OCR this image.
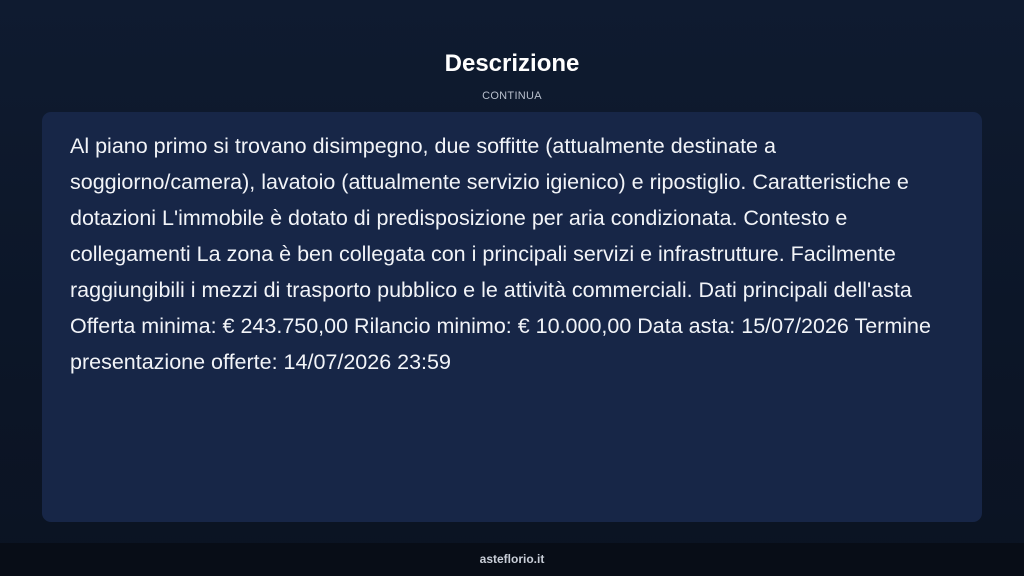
Descrizione
CONTINUA

Al piano primo si trovano disimpegno, due soffitte (attualmente destinate a soggiorno/camera), lavatoio (attualmente servizio igienico) e ripostiglio. Caratteristiche e dotazioni L'immobile è dotato di predisposizione per aria condizionata. Contesto e collegamenti La zona è ben collegata con i principali servizi e infrastrutture. Facilmente raggiungibili i mezzi di trasporto pubblico e le attività commerciali. Dati principali dell'asta Offerta minima: € 243.750,00 Rilancio minimo: € 10.000,00 Data asta: 15/07/2026 Termine presentazione offerte: 14/07/2026 23:59

asteflorio.it
